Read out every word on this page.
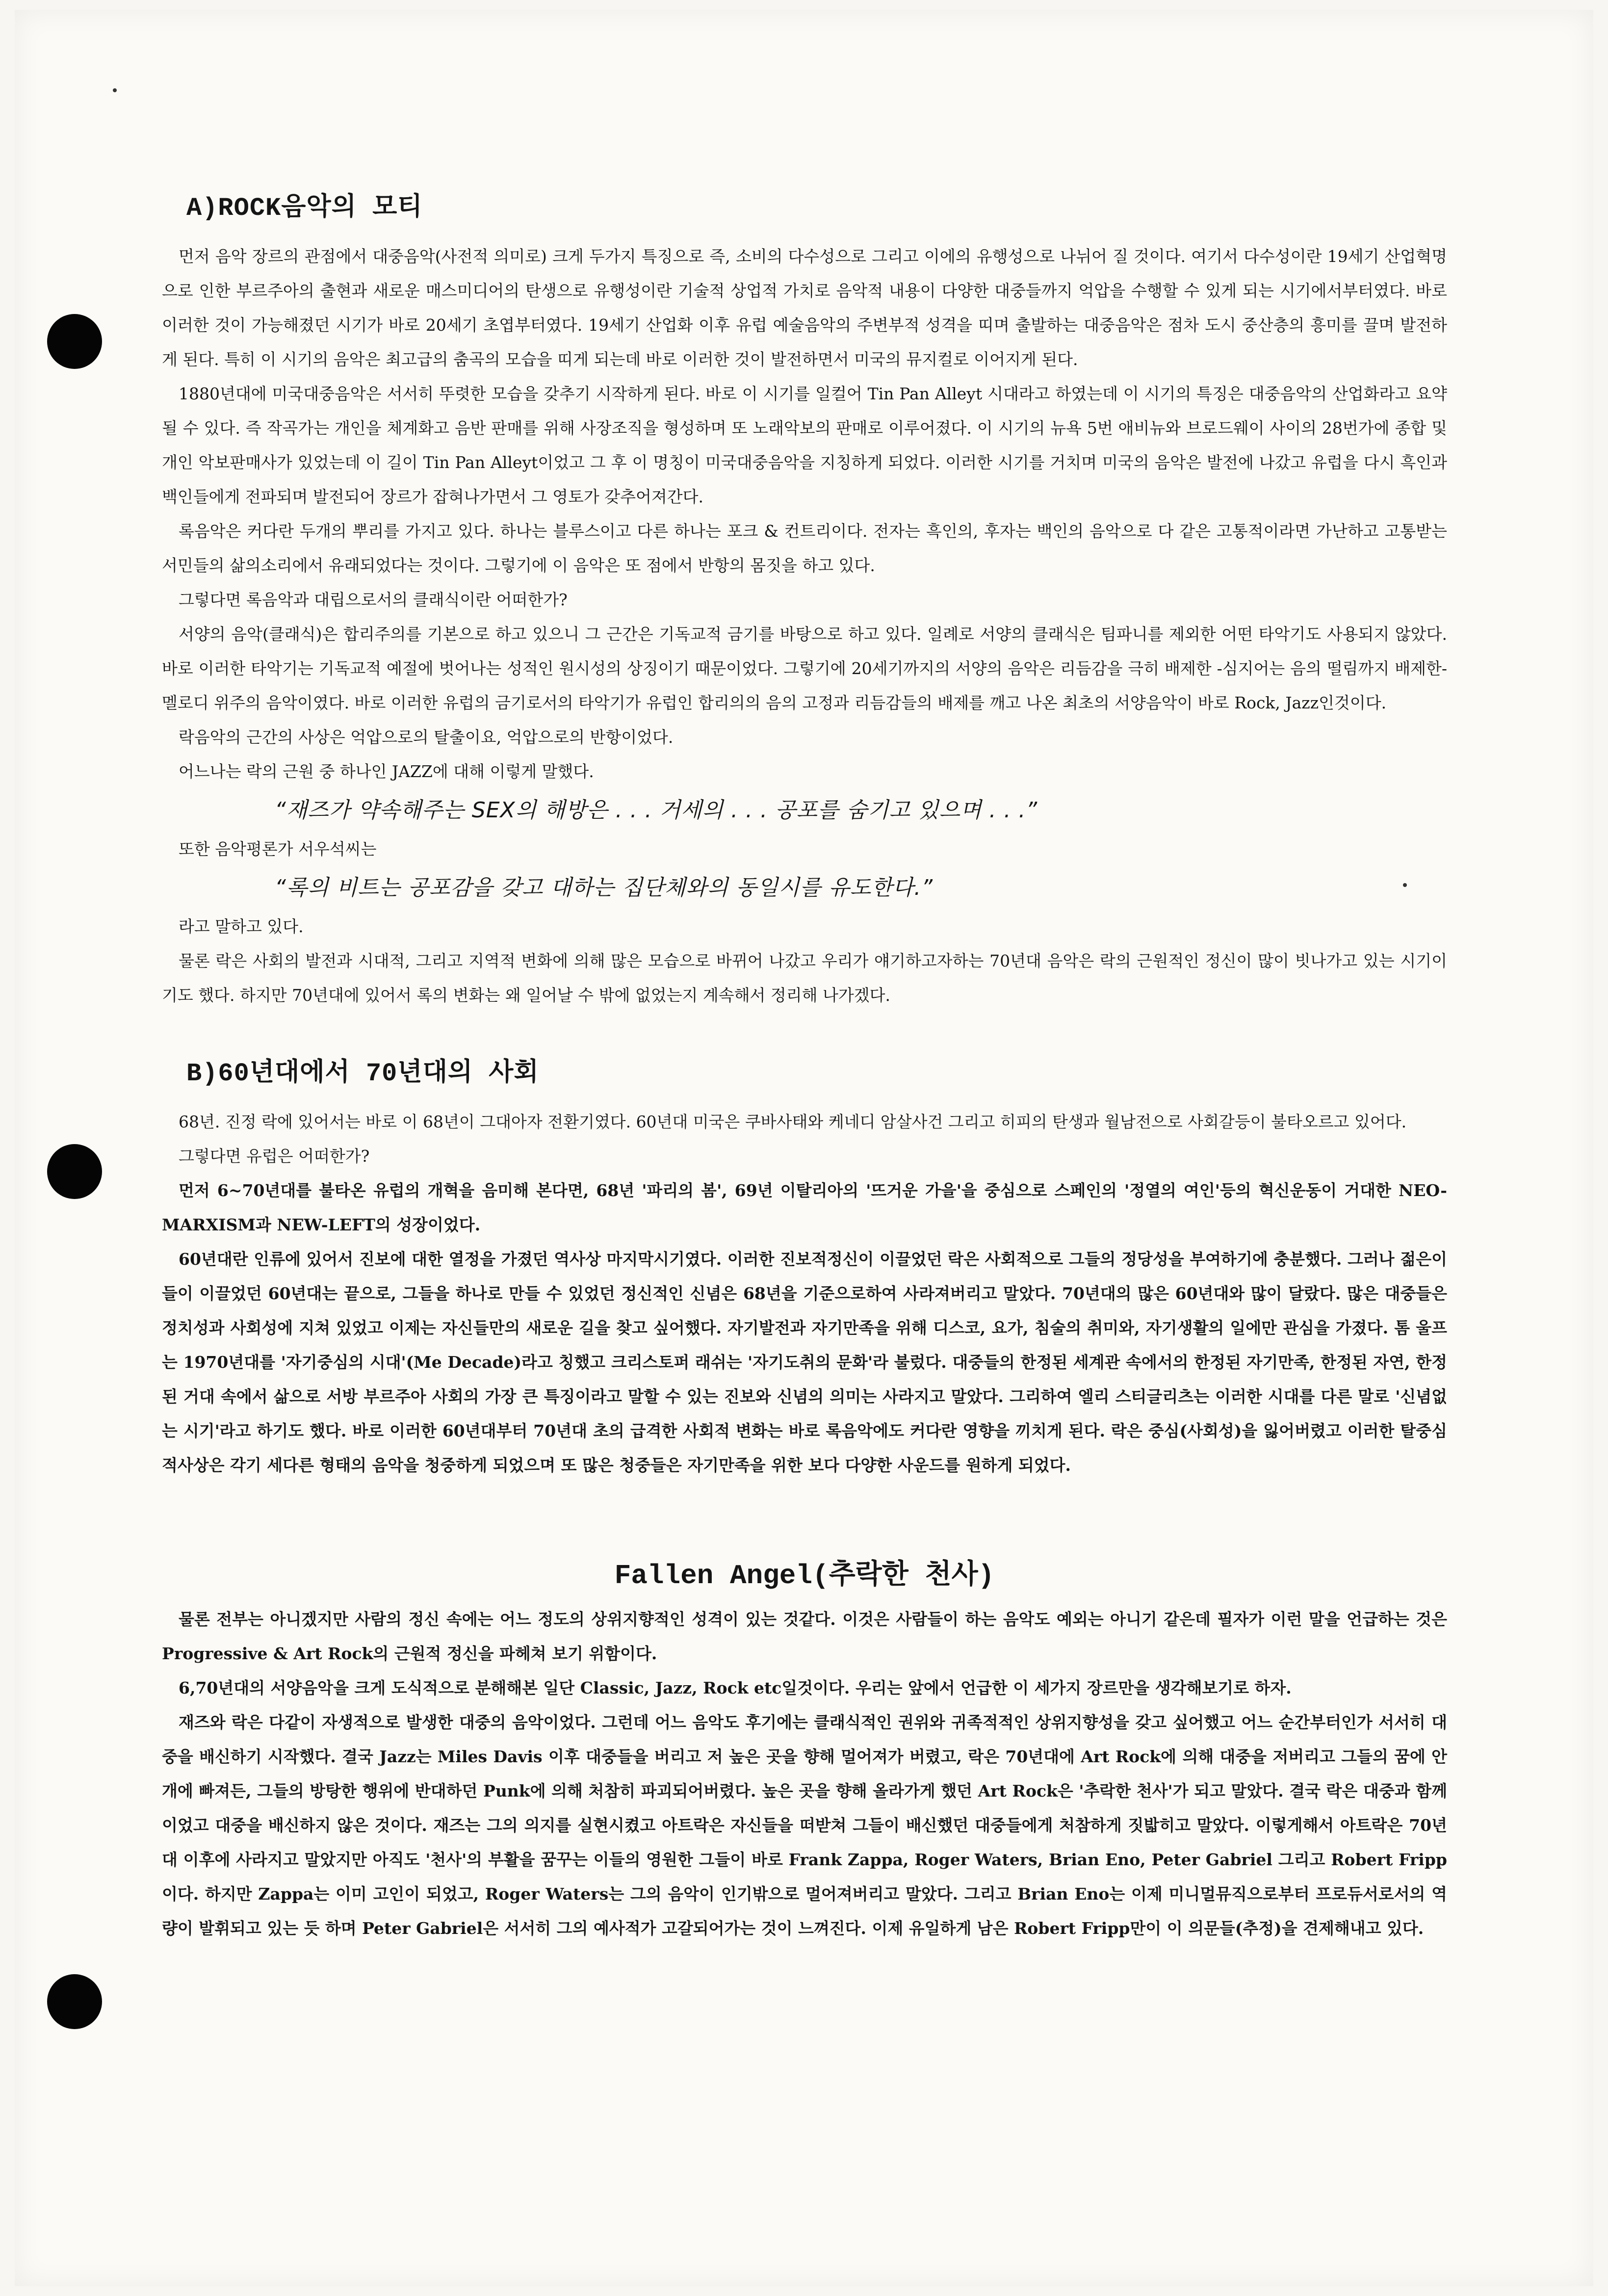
A)ROCK음악의 모티

먼저 음악 장르의 관점에서 대중음악(사전적 의미로) 크게 두가지 특징으로 즉, 소비의 다수성으로 그리고 이에의 유행성으로 나뉘어 질 것이다. 여기서 다수성이란 19세기 산업혁명으로 인한 부르주아의 출현과 새로운 매스미디어의 탄생으로 유행성이란 기술적 상업적 가치로 음악적 내용이 다양한 대중들까지 억압을 수행할 수 있게 되는 시기에서부터였다. 바로 이러한 것이 가능해졌던 시기가 바로 20세기 초엽부터였다. 19세기 산업화 이후 유럽 예술음악의 주변부적 성격을 띠며 출발하는 대중음악은 점차 도시 중산층의 흥미를 끌며 발전하게 된다. 특히 이 시기의 음악은 최고급의 춤곡의 모습을 띠게 되는데 바로 이러한 것이 발전하면서 미국의 뮤지컬로 이어지게 된다.

1880년대에 미국대중음악은 서서히 뚜렷한 모습을 갖추기 시작하게 된다. 바로 이 시기를 일컬어 Tin Pan Alleyt 시대라고 하였는데 이 시기의 특징은 대중음악의 산업화라고 요약될 수 있다. 즉 작곡가는 개인을 체계화고 음반 판매를 위해 사장조직을 형성하며 또 노래악보의 판매로 이루어졌다. 이 시기의 뉴욕 5번 애비뉴와 브로드웨이 사이의 28번가에 종합 및 개인 악보판매사가 있었는데 이 길이 Tin Pan Alleyt이었고 그 후 이 명칭이 미국대중음악을 지칭하게 되었다. 이러한 시기를 거치며 미국의 음악은 발전에 나갔고 유럽을 다시 흑인과 백인들에게 전파되며 발전되어 장르가 잡혀나가면서 그 영토가 갖추어져간다.

록음악은 커다란 두개의 뿌리를 가지고 있다. 하나는 블루스이고 다른 하나는 포크 & 컨트리이다. 전자는 흑인의, 후자는 백인의 음악으로 다 같은 고통적이라면 가난하고 고통받는 서민들의 삶의소리에서 유래되었다는 것이다. 그렇기에 이 음악은 또 점에서 반항의 몸짓을 하고 있다.

그렇다면 록음악과 대립으로서의 클래식이란 어떠한가?

서양의 음악(클래식)은 합리주의를 기본으로 하고 있으니 그 근간은 기독교적 금기를 바탕으로 하고 있다. 일례로 서양의 클래식은 팀파니를 제외한 어떤 타악기도 사용되지 않았다. 바로 이러한 타악기는 기독교적 예절에 벗어나는 성적인 원시성의 상징이기 때문이었다. 그렇기에 20세기까지의 서양의 음악은 리듬감을 극히 배제한 -심지어는 음의 떨림까지 배제한- 멜로디 위주의 음악이였다. 바로 이러한 유럽의 금기로서의 타악기가 유럽인 합리의의 음의 고정과 리듬감들의 배제를 깨고 나온 최초의 서양음악이 바로 Rock, Jazz인것이다.

락음악의 근간의 사상은 억압으로의 탈출이요, 억압으로의 반항이었다.

어느나는 락의 근원 중 하나인 JAZZ에 대해 이렇게 말했다.

“재즈가 약속해주는 SEX의 해방은 . . . 거세의 . . . 공포를 숨기고 있으며 . . .”

또한 음악평론가 서우석씨는

“록의 비트는 공포감을 갖고 대하는 집단체와의 동일시를 유도한다.”

라고 말하고 있다.

물론 락은 사회의 발전과 시대적, 그리고 지역적 변화에 의해 많은 모습으로 바뀌어 나갔고 우리가 얘기하고자하는 70년대 음악은 락의 근원적인 정신이 많이 빗나가고 있는 시기이기도 했다. 하지만 70년대에 있어서 록의 변화는 왜 일어날 수 밖에 없었는지 계속해서 정리해 나가겠다.

B)60년대에서 70년대의 사회

68년. 진정 락에 있어서는 바로 이 68년이 그대아자 전환기였다. 60년대 미국은 쿠바사태와 케네디 암살사건 그리고 히피의 탄생과 월남전으로 사회갈등이 불타오르고 있어다.

그렇다면 유럽은 어떠한가?

먼저 6~70년대를 불타온 유럽의 개혁을 음미해 본다면, 68년 '파리의 봄', 69년 이탈리아의 '뜨거운 가을'을 중심으로 스페인의 '정열의 여인'등의 혁신운동이 거대한 NEO-MARXISM과 NEW-LEFT의 성장이었다.

60년대란 인류에 있어서 진보에 대한 열정을 가졌던 역사상 마지막시기였다. 이러한 진보적정신이 이끌었던 락은 사회적으로 그들의 정당성을 부여하기에 충분했다. 그러나 젊은이들이 이끌었던 60년대는 끝으로, 그들을 하나로 만들 수 있었던 정신적인 신념은 68년을 기준으로하여 사라져버리고 말았다. 70년대의 많은 60년대와 많이 달랐다. 많은 대중들은 정치성과 사회성에 지쳐 있었고 이제는 자신들만의 새로운 길을 찾고 싶어했다. 자기발전과 자기만족을 위해 디스코, 요가, 침술의 취미와, 자기생활의 일에만 관심을 가졌다. 톰 울프는 1970년대를 '자기중심의 시대'(Me Decade)라고 칭했고 크리스토퍼 래쉬는 '자기도취의 문화'라 불렀다. 대중들의 한정된 세계관 속에서의 한정된 자기만족, 한정된 자연, 한정된 거대 속에서 삶으로 서방 부르주아 사회의 가장 큰 특징이라고 말할 수 있는 진보와 신념의 의미는 사라지고 말았다. 그리하여 엘리 스티글리츠는 이러한 시대를 다른 말로 '신념없는 시기'라고 하기도 했다. 바로 이러한 60년대부터 70년대 초의 급격한 사회적 변화는 바로 록음악에도 커다란 영향을 끼치게 된다. 락은 중심(사회성)을 잃어버렸고 이러한 탈중심적사상은 각기 세다른 형태의 음악을 청중하게 되었으며 또 많은 청중들은 자기만족을 위한 보다 다양한 사운드를 원하게 되었다.

Fallen Angel(추락한 천사)

물론 전부는 아니겠지만 사람의 정신 속에는 어느 정도의 상위지향적인 성격이 있는 것같다. 이것은 사람들이 하는 음악도 예외는 아니기 같은데 필자가 이런 말을 언급하는 것은 Progressive & Art Rock의 근원적 정신을 파헤쳐 보기 위함이다.

6,70년대의 서양음악을 크게 도식적으로 분해해본 일단 Classic, Jazz, Rock etc일것이다. 우리는 앞에서 언급한 이 세가지 장르만을 생각해보기로 하자.

재즈와 락은 다같이 자생적으로 발생한 대중의 음악이었다. 그런데 어느 음악도 후기에는 클래식적인 권위와 귀족적적인 상위지향성을 갖고 싶어했고 어느 순간부터인가 서서히 대중을 배신하기 시작했다. 결국 Jazz는 Miles Davis 이후 대중들을 버리고 저 높은 곳을 향해 멀어져가 버렸고, 락은 70년대에 Art Rock에 의해 대중을 저버리고 그들의 꿈에 안개에 빠져든, 그들의 방탕한 행위에 반대하던 Punk에 의해 처참히 파괴되어버렸다. 높은 곳을 향해 올라가게 했던 Art Rock은 '추락한 천사'가 되고 말았다. 결국 락은 대중과 함께 이었고 대중을 배신하지 않은 것이다. 재즈는 그의 의지를 실현시켰고 아트락은 자신들을 떠받쳐 그들이 배신했던 대중들에게 처참하게 짓밟히고 말았다. 이렇게해서 아트락은 70년대 이후에 사라지고 말았지만 아직도 '천사'의 부활을 꿈꾸는 이들의 영원한 그들이 바로 Frank Zappa, Roger Waters, Brian Eno, Peter Gabriel 그리고 Robert Fripp이다. 하지만 Zappa는 이미 고인이 되었고, Roger Waters는 그의 음악이 인기밖으로 멀어져버리고 말았다. 그리고 Brian Eno는 이제 미니멀뮤직으로부터 프로듀서로서의 역량이 발휘되고 있는 듯 하며 Peter Gabriel은 서서히 그의 예사적가 고갈되어가는 것이 느껴진다. 이제 유일하게 남은 Robert Fripp만이 이 의문들(추정)을 견제해내고 있다.
